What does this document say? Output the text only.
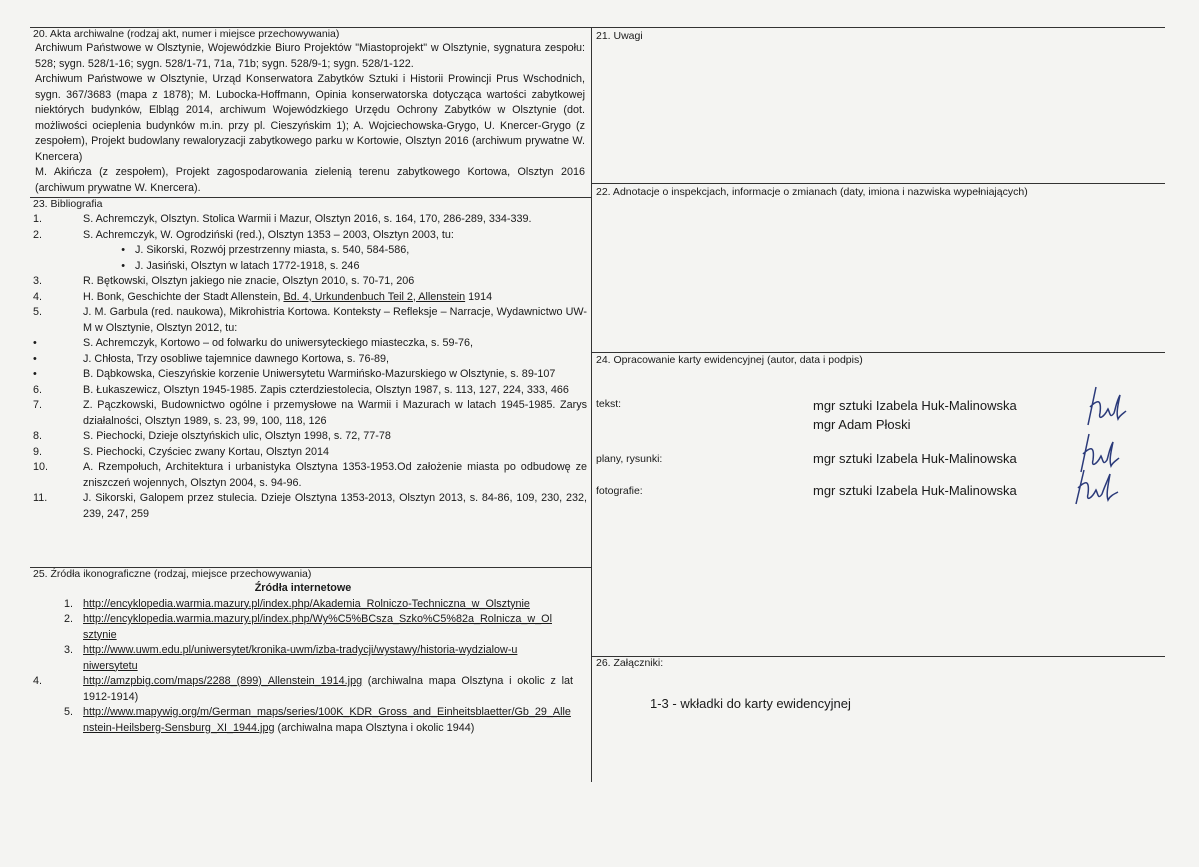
20. Akta archiwalne (rodzaj akt, numer i miejsce przechowywania)
Archiwum Państwowe w Olsztynie, Wojewódzkie Biuro Projektów "Miastoprojekt" w Olsztynie, sygnatura zespołu: 528; sygn. 528/1-16; sygn. 528/1-71, 71a, 71b; sygn. 528/9-1; sygn. 528/1-122.
Archiwum Państwowe w Olsztynie, Urząd Konserwatora Zabytków Sztuki i Historii Prowincji Prus Wschodnich, sygn. 367/3683 (mapa z 1878); M. Lubocka-Hoffmann, Opinia konserwatorska dotycząca wartości zabytkowej niektórych budynków, Elbląg 2014, archiwum Wojewódzkiego Urzędu Ochrony Zabytków w Olsztynie (dot. możliwości ocieplenia budynków m.in. przy pl. Cieszyńskim 1); A. Wojciechowska-Grygo, U. Knercer-Grygo (z zespołem), Projekt budowlany rewaloryzacji zabytkowego parku w Kortowie, Olsztyn 2016 (archiwum prywatne W. Knercera)
M. Akińcza (z zespołem), Projekt zagospodarowania zielenią terenu zabytkowego Kortowa, Olsztyn 2016 (archiwum prywatne W. Knercera).
23. Bibliografia
1.	S. Achremczyk, Olsztyn. Stolica Warmii i Mazur, Olsztyn 2016, s. 164, 170, 286-289, 334-339.
2.	S. Achremczyk, W. Ogrodziński (red.), Olsztyn 1353 – 2003, Olsztyn 2003, tu:
• J. Sikorski, Rozwój przestrzenny miasta, s. 540, 584-586,
• J. Jasiński, Olsztyn w latach 1772-1918, s. 246
3.	R. Bętkowski, Olsztyn jakiego nie znacie, Olsztyn 2010, s. 70-71, 206
4.	H. Bonk, Geschichte der Stadt Allenstein, Bd. 4, Urkundenbuch Teil 2, Allenstein 1914
5.	J. M. Garbula (red. naukowa), Mikrohistria Kortowa. Konteksty – Refleksje – Narracje, Wydawnictwo UW-M w Olsztynie, Olsztyn 2012, tu:
•	S. Achremczyk, Kortowo – od folwarku do uniwersyteckiego miasteczka, s. 59-76,
•	J. Chłosta, Trzy osobliwe tajemnice dawnego Kortowa, s. 76-89,
•	B. Dąbkowska, Cieszyńskie korzenie Uniwersytetu Warmińsko-Mazurskiego w Olsztynie, s. 89-107
6.	B. Łukaszewicz, Olsztyn 1945-1985. Zapis czterdziestolecia, Olsztyn 1987, s. 113, 127, 224, 333, 466
7.	Z. Pączkowski, Budownictwo ogólne i przemysłowe na Warmii i Mazurach w latach 1945-1985. Zarys działalności, Olsztyn 1989, s. 23, 99, 100, 118, 126
8.	S. Piechocki, Dzieje olsztyńskich ulic, Olsztyn 1998, s. 72, 77-78
9.	S. Piechocki, Czyściec zwany Kortau, Olsztyn 2014
10.	A. Rzempołuch, Architektura i urbanistyka Olsztyna 1353-1953.Od założenie miasta po odbudowę ze zniszczeń wojennych, Olsztyn 2004, s. 94-96.
11.	J. Sikorski, Galopem przez stulecia. Dzieje Olsztyna 1353-2013, Olsztyn 2013, s. 84-86, 109, 230, 232, 239, 247, 259
25. Źródła ikonograficzne (rodzaj, miejsce przechowywania)
Źródła internetowe
1. http://encyklopedia.warmia.mazury.pl/index.php/Akademia_Rolniczo-Techniczna_w_Olsztynie
2. http://encyklopedia.warmia.mazury.pl/index.php/Wy%C5%BCsza_Szko%C5%82a_Rolnicza_w_Olsztynie
3. http://www.uwm.edu.pl/uniwersytet/kronika-uwm/izba-tradycji/wystawy/historia-wydzialow-uniwersytetu
4.	http://amzpbig.com/maps/2288_(899)_Allenstein_1914.jpg (archiwalna mapa Olsztyna i okolic z lat 1912-1914)
5. http://www.mapywig.org/m/German_maps/series/100K_KDR_Gross_and_Einheitsblaetter/Gb_29_Allenstein-Heilsberg-Sensburg_XI_1944.jpg (archiwalna mapa Olsztyna i okolic 1944)
21. Uwagi
22. Adnotacje o inspekcjach, informacje o zmianach (daty, imiona i nazwiska wypełniających)
24. Opracowanie karty ewidencyjnej (autor, data i podpis)
tekst:	mgr sztuki Izabela Huk-Malinowska
mgr Adam Płoski
plany, rysunki:	mgr sztuki Izabela Huk-Malinowska
fotografie:	mgr sztuki Izabela Huk-Malinowska
26. Załączniki:
1-3 - wkładki do karty ewidencyjnej
